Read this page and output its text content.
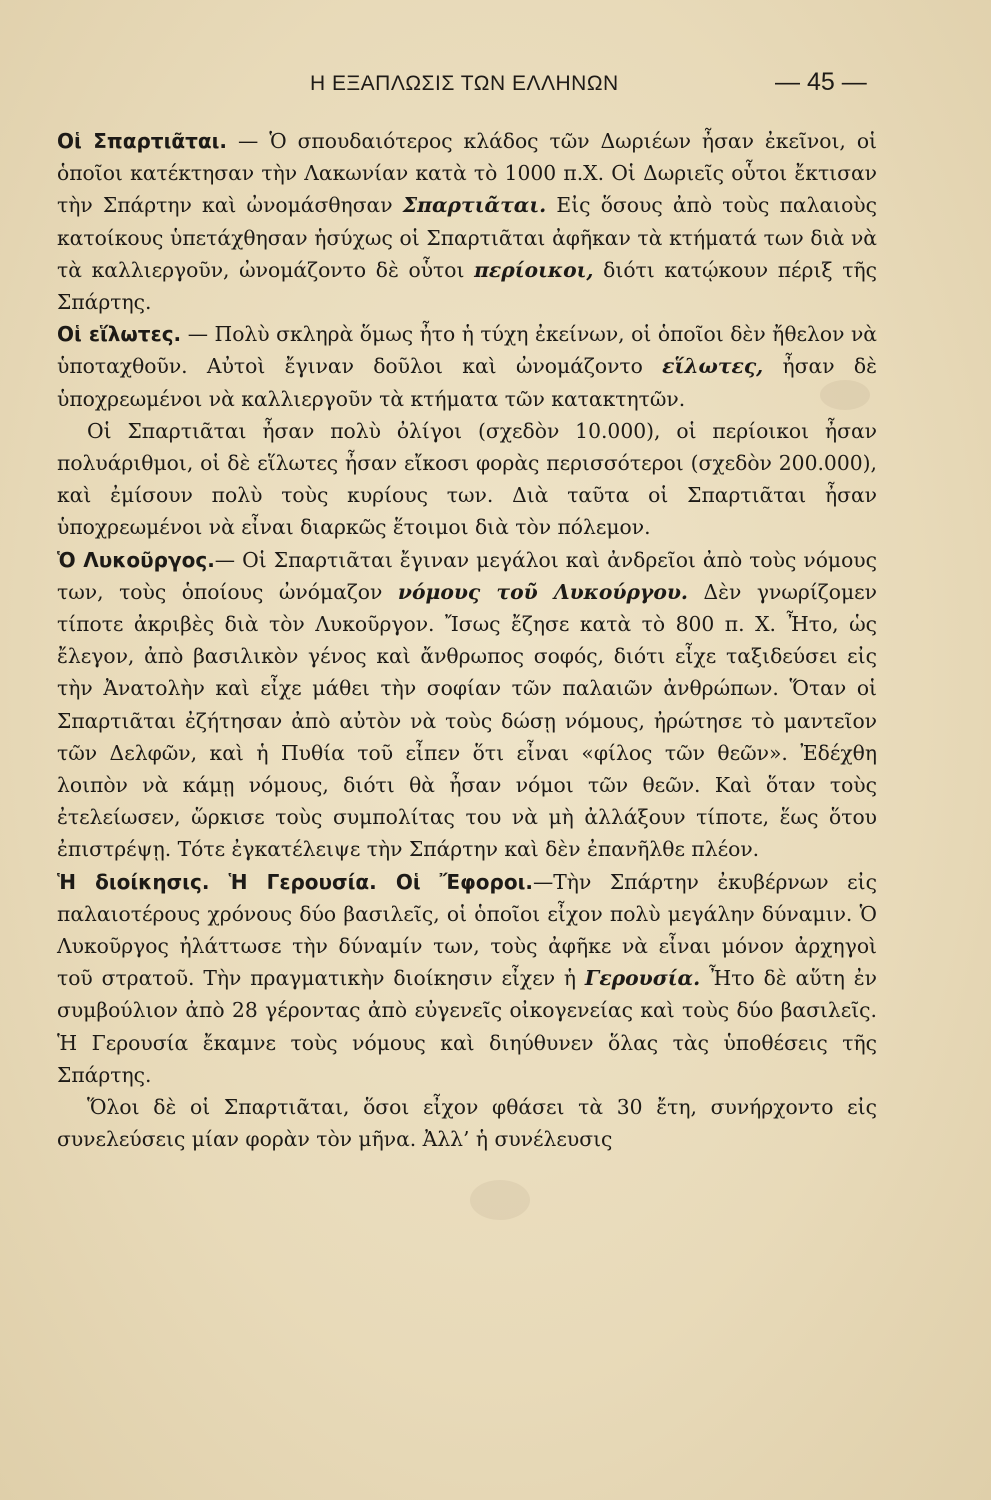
Η ΕΞΑΠΛΩΣΙΣ ΤΩΝ ΕΛΛΗΝΩΝ	— 45 —

Οἱ Σπαρτιᾶται. — Ὁ σπουδαιότερος κλάδος τῶν Δωριέων ἦσαν ἐκεῖνοι, οἱ ὁποῖοι κατέκτησαν τὴν Λακωνίαν κατὰ τὸ 1000 π.Χ. Οἱ Δωριεῖς οὗτοι ἔκτισαν τὴν Σπάρτην καὶ ὠνομάσθησαν Σπαρτιᾶται. Εἰς ὅσους ἀπὸ τοὺς παλαιοὺς κατοίκους ὑπετάχθησαν ἡσύχως οἱ Σπαρτιᾶται ἀφῆκαν τὰ κτήματά των διὰ νὰ τὰ καλλιεργοῦν, ὠνομάζοντο δὲ οὗτοι περίοικοι, διότι κατῴκουν πέριξ τῆς Σπάρτης.

Οἱ εἵλωτες. — Πολὺ σκληρὰ ὅμως ἦτο ἡ τύχη ἐκείνων, οἱ ὁποῖοι δὲν ἤθελον νὰ ὑποταχθοῦν. Αὐτοὶ ἔγιναν δοῦλοι καὶ ὠνομάζοντο εἵλωτες, ἦσαν δὲ ὑποχρεωμένοι νὰ καλλιεργοῦν τὰ κτήματα τῶν κατακτητῶν.

Οἱ Σπαρτιᾶται ἦσαν πολὺ ὀλίγοι (σχεδὸν 10.000), οἱ περίοικοι ἦσαν πολυάριθμοι, οἱ δὲ εἵλωτες ἦσαν εἴκοσι φορὰς περισσότεροι (σχεδὸν 200.000), καὶ ἐμίσουν πολὺ τοὺς κυρίους των. Διὰ ταῦτα οἱ Σπαρτιᾶται ἦσαν ὑποχρεωμένοι νὰ εἶναι διαρκῶς ἕτοιμοι διὰ τὸν πόλεμον.

Ὁ Λυκοῦργος.— Οἱ Σπαρτιᾶται ἔγιναν μεγάλοι καὶ ἀνδρεῖοι ἀπὸ τοὺς νόμους των, τοὺς ὁποίους ὠνόμαζον νόμους τοῦ Λυκούργου. Δὲν γνωρίζομεν τίποτε ἀκριβὲς διὰ τὸν Λυκοῦργον. Ἴσως ἔζησε κατὰ τὸ 800 π. Χ. Ἦτο, ὡς ἔλεγον, ἀπὸ βασιλικὸν γένος καὶ ἄνθρωπος σοφός, διότι εἶχε ταξιδεύσει εἰς τὴν Ἀνατολὴν καὶ εἶχε μάθει τὴν σοφίαν τῶν παλαιῶν ἀνθρώπων. Ὅταν οἱ Σπαρτιᾶται ἐζήτησαν ἀπὸ αὐτὸν νὰ τοὺς δώσῃ νόμους, ἠρώτησε τὸ μαντεῖον τῶν Δελφῶν, καὶ ἡ Πυθία τοῦ εἶπεν ὅτι εἶναι «φίλος τῶν θεῶν». Ἐδέχθη λοιπὸν νὰ κάμῃ νόμους, διότι θὰ ἦσαν νόμοι τῶν θεῶν. Καὶ ὅταν τοὺς ἐτελείωσεν, ὥρκισε τοὺς συμπολίτας του νὰ μὴ ἀλλάξουν τίποτε, ἕως ὅτου ἐπιστρέψῃ. Τότε ἐγκατέλειψε τὴν Σπάρτην καὶ δὲν ἐπανῆλθε πλέον.

Ἡ διοίκησις. Ἡ Γερουσία. Οἱ Ἔφοροι.—Τὴν Σπάρτην ἐκυβέρνων εἰς παλαιοτέρους χρόνους δύο βασιλεῖς, οἱ ὁποῖοι εἶχον πολὺ μεγάλην δύναμιν. Ὁ Λυκοῦργος ἠλάττωσε τὴν δύναμίν των, τοὺς ἀφῆκε νὰ εἶναι μόνον ἀρχηγοὶ τοῦ στρατοῦ. Τὴν πραγματικὴν διοίκησιν εἶχεν ἡ Γερουσία. Ἦτο δὲ αὕτη ἐν συμβούλιον ἀπὸ 28 γέροντας ἀπὸ εὐγενεῖς οἰκογενείας καὶ τοὺς δύο βασιλεῖς. Ἡ Γερουσία ἔκαμνε τοὺς νόμους καὶ διηύθυνεν ὅλας τὰς ὑποθέσεις τῆς Σπάρτης.

Ὅλοι δὲ οἱ Σπαρτιᾶται, ὅσοι εἶχον φθάσει τὰ 30 ἔτη, συνήρχοντο εἰς συνελεύσεις μίαν φορὰν τὸν μῆνα. Ἀλλ’ ἡ συνέλευσις
